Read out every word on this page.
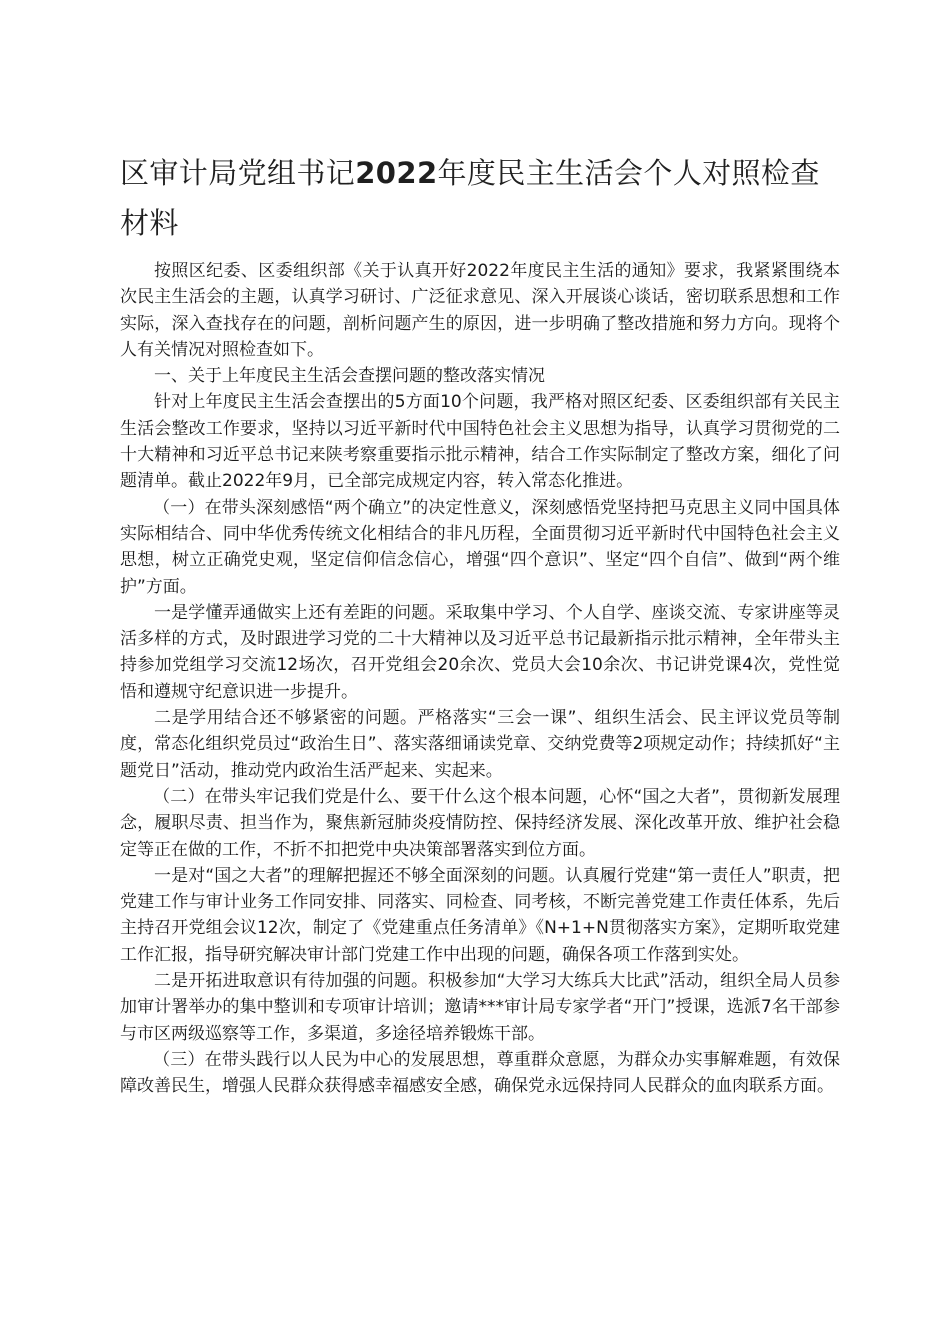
区审计局党组书记2022年度民主生活会个人对照检查材料

按照区纪委、区委组织部《关于认真开好2022年度民主生活的通知》要求，我紧紧围绕本次民主生活会的主题，认真学习研讨、广泛征求意见、深入开展谈心谈话，密切联系思想和工作实际，深入查找存在的问题，剖析问题产生的原因，进一步明确了整改措施和努力方向。现将个人有关情况对照检查如下。

一、关于上年度民主生活会查摆问题的整改落实情况

针对上年度民主生活会查摆出的5方面10个问题，我严格对照区纪委、区委组织部有关民主生活会整改工作要求，坚持以习近平新时代中国特色社会主义思想为指导，认真学习贯彻党的二十大精神和习近平总书记来陕考察重要指示批示精神，结合工作实际制定了整改方案，细化了问题清单。截止2022年9月，已全部完成规定内容，转入常态化推进。

（一）在带头深刻感悟“两个确立”的决定性意义，深刻感悟党坚持把马克思主义同中国具体实际相结合、同中华优秀传统文化相结合的非凡历程，全面贯彻习近平新时代中国特色社会主义思想，树立正确党史观，坚定信仰信念信心，增强“四个意识”、坚定“四个自信”、做到“两个维护”方面。

一是学懂弄通做实上还有差距的问题。采取集中学习、个人自学、座谈交流、专家讲座等灵活多样的方式，及时跟进学习党的二十大精神以及习近平总书记最新指示批示精神，全年带头主持参加党组学习交流12场次，召开党组会20余次、党员大会10余次、书记讲党课4次，党性觉悟和遵规守纪意识进一步提升。

二是学用结合还不够紧密的问题。严格落实“三会一课”、组织生活会、民主评议党员等制度，常态化组织党员过“政治生日”、落实落细诵读党章、交纳党费等2项规定动作；持续抓好“主题党日”活动，推动党内政治生活严起来、实起来。

（二）在带头牢记我们党是什么、要干什么这个根本问题，心怀“国之大者”，贯彻新发展理念，履职尽责、担当作为，聚焦新冠肺炎疫情防控、保持经济发展、深化改革开放、维护社会稳定等正在做的工作，不折不扣把党中央决策部署落实到位方面。

一是对“国之大者”的理解把握还不够全面深刻的问题。认真履行党建“第一责任人”职责，把党建工作与审计业务工作同安排、同落实、同检查、同考核，不断完善党建工作责任体系，先后主持召开党组会议12次，制定了《党建重点任务清单》《N+1+N贯彻落实方案》，定期听取党建工作汇报，指导研究解决审计部门党建工作中出现的问题，确保各项工作落到实处。

二是开拓进取意识有待加强的问题。积极参加“大学习大练兵大比武”活动，组织全局人员参加审计署举办的集中整训和专项审计培训；邀请***审计局专家学者“开门”授课，选派7名干部参与市区两级巡察等工作，多渠道，多途径培养锻炼干部。

（三）在带头践行以人民为中心的发展思想，尊重群众意愿，为群众办实事解难题，有效保障改善民生，增强人民群众获得感幸福感安全感，确保党永远保持同人民群众的血肉联系方面。
